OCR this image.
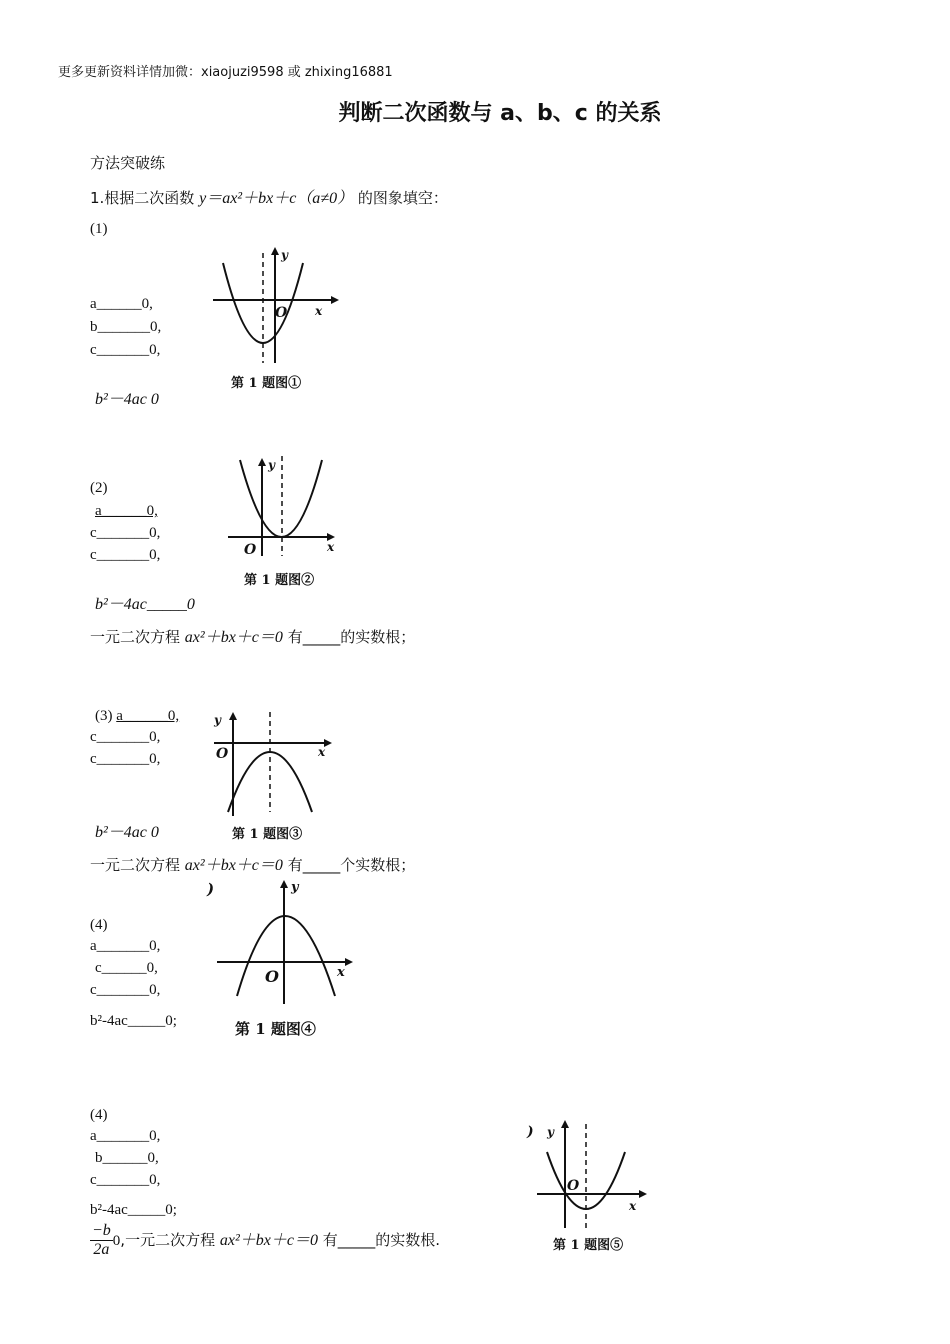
更多更新资料详情加微：xiaojuzi9598 或 zhixing16881
判断二次函数与 a、b、c 的关系
方法突破练
1.根据二次函数 y＝ax²＋bx＋c（a≠0） 的图象填空：
(1)
a______0,
b_______0,
c_______0,
b²－4ac 0
y
x
O
第 1 题图①
(2)
a______0,
c_______0,
c_______0,
b²－4ac_____0
一元二次方程 ax²＋bx＋c＝0 有_____的实数根；
y
x
O
第 1 题图②
(3) a______0,
c_______0,
c_______0,
b²－4ac 0
一元二次方程 ax²＋bx＋c＝0 有_____个实数根；
y
x
O
第 1 题图③
(4)
a_______0,
c______0,
c_______0,
b²-4ac_____0;
)	y
x
O
第 1 题图④
(4)
a_______0,
b______0,
c_______0,
b²-4ac_____0;
$\frac{-b}{2a} 0$,一元二次方程 ax²＋bx＋c＝0 有_____的实数根.
) y
x
O
第 1 题图⑤
